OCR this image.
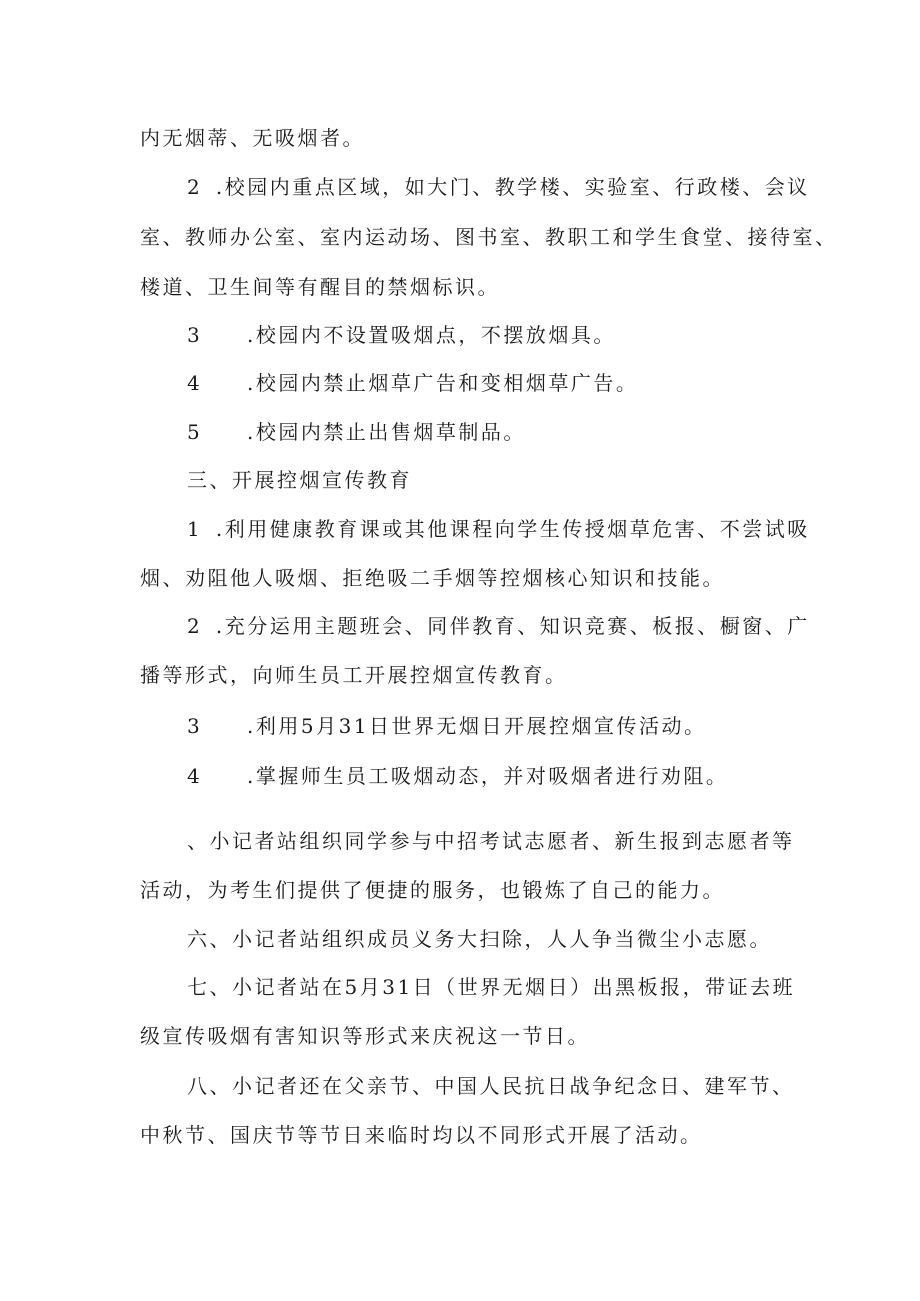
内无烟蒂、无吸烟者。
2 .校园内重点区域，如大门、教学楼、实验室、行政楼、会议
室、教师办公室、室内运动场、图书室、教职工和学生食堂、接待室、
楼道、卫生间等有醒目的禁烟标识。
3 .校园内不设置吸烟点，不摆放烟具。
4 .校园内禁止烟草广告和变相烟草广告。
5 .校园内禁止出售烟草制品。
三、开展控烟宣传教育
1 .利用健康教育课或其他课程向学生传授烟草危害、不尝试吸
烟、劝阻他人吸烟、拒绝吸二手烟等控烟核心知识和技能。
2 .充分运用主题班会、同伴教育、知识竞赛、板报、橱窗、广
播等形式，向师生员工开展控烟宣传教育。
3 .利用5月31日世界无烟日开展控烟宣传活动。
4 .掌握师生员工吸烟动态，并对吸烟者进行劝阻。
、小记者站组织同学参与中招考试志愿者、新生报到志愿者等
活动，为考生们提供了便捷的服务，也锻炼了自己的能力。
六、小记者站组织成员义务大扫除，人人争当微尘小志愿。
七、小记者站在5月31日（世界无烟日）出黑板报，带证去班
级宣传吸烟有害知识等形式来庆祝这一节日。
八、小记者还在父亲节、中国人民抗日战争纪念日、建军节、
中秋节、国庆节等节日来临时均以不同形式开展了活动。
